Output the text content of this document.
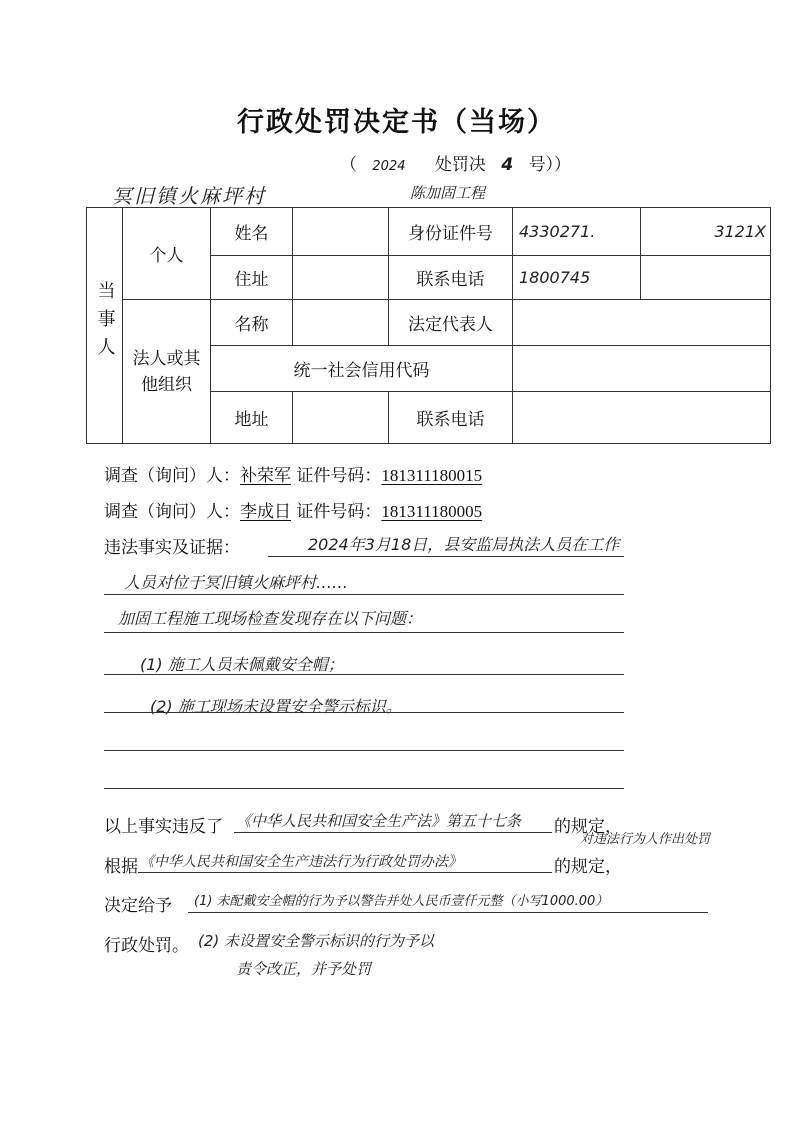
行政处罚决定书（当场）
（ 2024 处罚决 4 号））
冥旧镇火麻坪村	陈加固工程
当事人	个人	姓名		身份证件号	4330271.	3121X
		住址		联系电话	1800745	
	法人或其他组织	名称		法定代表人		
		统一社会信用代码				
		地址		联系电话		
调查（询问）人：补荣军 证件号码：181311180015
调查（询问）人：李成日 证件号码：181311180005
违法事实及证据：	2024年3月18日，县安监局执法人员在工作
人员对位于冥旧镇火麻坪村……
加固工程施工现场检查发现存在以下问题：
(1) 施工人员未佩戴安全帽；
(2) 施工现场未设置安全警示标识。
以上事实违反了 《中华人民共和国安全生产法》第五十七条	的规定，
根据 《中华人民共和国安全生产违法行为行政处罚办法》	的规定，
对违法行为人作出处罚
决定给予 (1) 未配戴安全帽的行为予以警告并处人民币壹仟元整（小写1000.00）
行政处罚。 (2) 未设置安全警示标识的行为予以
责令改正，并予处罚
